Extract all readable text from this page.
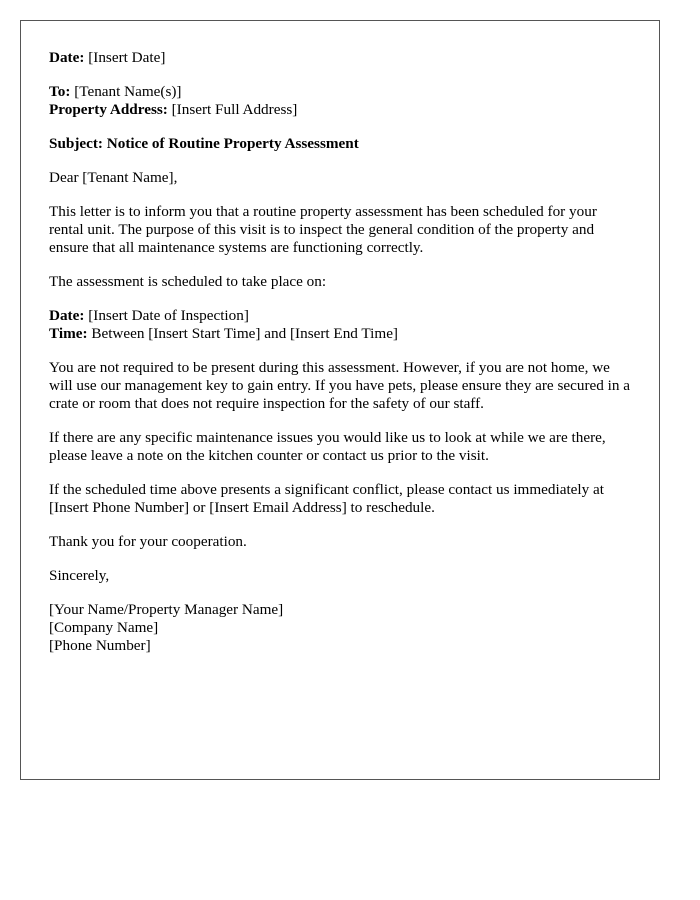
Date: [Insert Date]

To: [Tenant Name(s)]
Property Address: [Insert Full Address]

Subject: Notice of Routine Property Assessment

Dear [Tenant Name],

This letter is to inform you that a routine property assessment has been scheduled for your rental unit. The purpose of this visit is to inspect the general condition of the property and ensure that all maintenance systems are functioning correctly.

The assessment is scheduled to take place on:

Date: [Insert Date of Inspection]
Time: Between [Insert Start Time] and [Insert End Time]

You are not required to be present during this assessment. However, if you are not home, we will use our management key to gain entry. If you have pets, please ensure they are secured in a crate or room that does not require inspection for the safety of our staff.

If there are any specific maintenance issues you would like us to look at while we are there, please leave a note on the kitchen counter or contact us prior to the visit.

If the scheduled time above presents a significant conflict, please contact us immediately at [Insert Phone Number] or [Insert Email Address] to reschedule.

Thank you for your cooperation.

Sincerely,

[Your Name/Property Manager Name]
[Company Name]
[Phone Number]
